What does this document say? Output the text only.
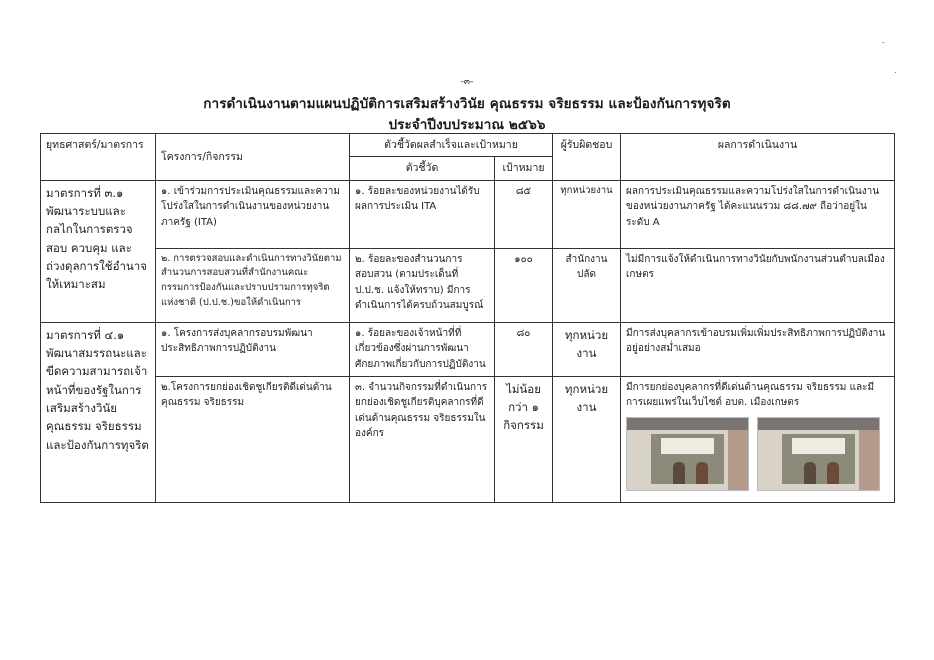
-๓-
-
.
การดำเนินงานตามแผนปฏิบัติการเสริมสร้างวินัย คุณธรรม จริยธรรม และป้องกันการทุจริต
ประจำปีงบประมาณ ๒๕๖๖
ยุทธศาสตร์/มาตรการ	โครงการ/กิจกรรม	ตัวชี้วัดผลสำเร็จและเป้าหมาย		ผู้รับผิดชอบ	ผลการดำเนินงาน
		ตัวชี้วัด	เป้าหมาย		
มาตรการที่ ๓.๑ พัฒนาระบบและกลไกในการตรวจสอบ ควบคุม และ ถ่วงดุลการใช้อำนาจให้เหมาะสม	๑. เข้าร่วมการประเมินคุณธรรมและความโปร่งใสในการดำเนินงานของหน่วยงานภาครัฐ (ITA)	๑. ร้อยละของหน่วยงานได้รับผลการประเมิน ITA	๘๕	ทุกหน่วยงาน	ผลการประเมินคุณธรรมและความโปร่งใสในการดำเนินงานของหน่วยงานภาครัฐ ได้คะแนนรวม ๘๘.๗๙ ถือว่าอยู่ในระดับ A
	๒. การตรวจสอบและดำเนินการทางวินัยตามสำนวนการสอบสวนที่สำนักงานคณะกรรมการป้องกันและปราบปรามการทุจริตแห่งชาติ (ป.ป.ช.)ขอให้ดำเนินการ	๒. ร้อยละของสำนวนการสอบสวน (ตามประเด็นที่ ป.ป.ช. แจ้งให้ทราบ) มีการดำเนินการได้ครบถ้วนสมบูรณ์	๑๐๐	สำนักงานปลัด	ไม่มีการแจ้งให้ดำเนินการทางวินัยกับพนักงานส่วนตำบลเมืองเกษตร
มาตรการที่ ๔.๑ พัฒนาสมรรถนะและขีดความสามารถเจ้าหน้าที่ของรัฐในการเสริมสร้างวินัยคุณธรรม จริยธรรมและป้องกันการทุจริต	๑. โครงการส่งบุคลากรอบรมพัฒนาประสิทธิภาพการปฏิบัติงาน	๑. ร้อยละของเจ้าหน้าที่ที่เกี่ยวข้องซึ่งผ่านการพัฒนาศักยภาพเกี่ยวกับการปฏิบัติงาน	๘๐	ทุกหน่วยงาน	มีการส่งบุคลากรเข้าอบรมเพิ่มเพิ่มประสิทธิภาพการปฏิบัติงานอยู่อย่างสม่ำเสมอ
	๒.โครงการยกย่องเชิดชูเกียรติดีเด่นด้านคุณธรรม จริยธรรม	๓. จำนวนกิจกรรมที่ดำเนินการยกย่องเชิดชูเกียรติบุคลากรที่ดีเด่นด้านคุณธรรม จริยธรรมในองค์กร	ไม่น้อยกว่า ๑ กิจกรรม	ทุกหน่วยงาน	มีการยกย่องบุคลากรที่ดีเด่นด้านคุณธรรม จริยธรรม และมีการเผยแพร่ในเว็บไซต์ อบต. เมืองเกษตร
